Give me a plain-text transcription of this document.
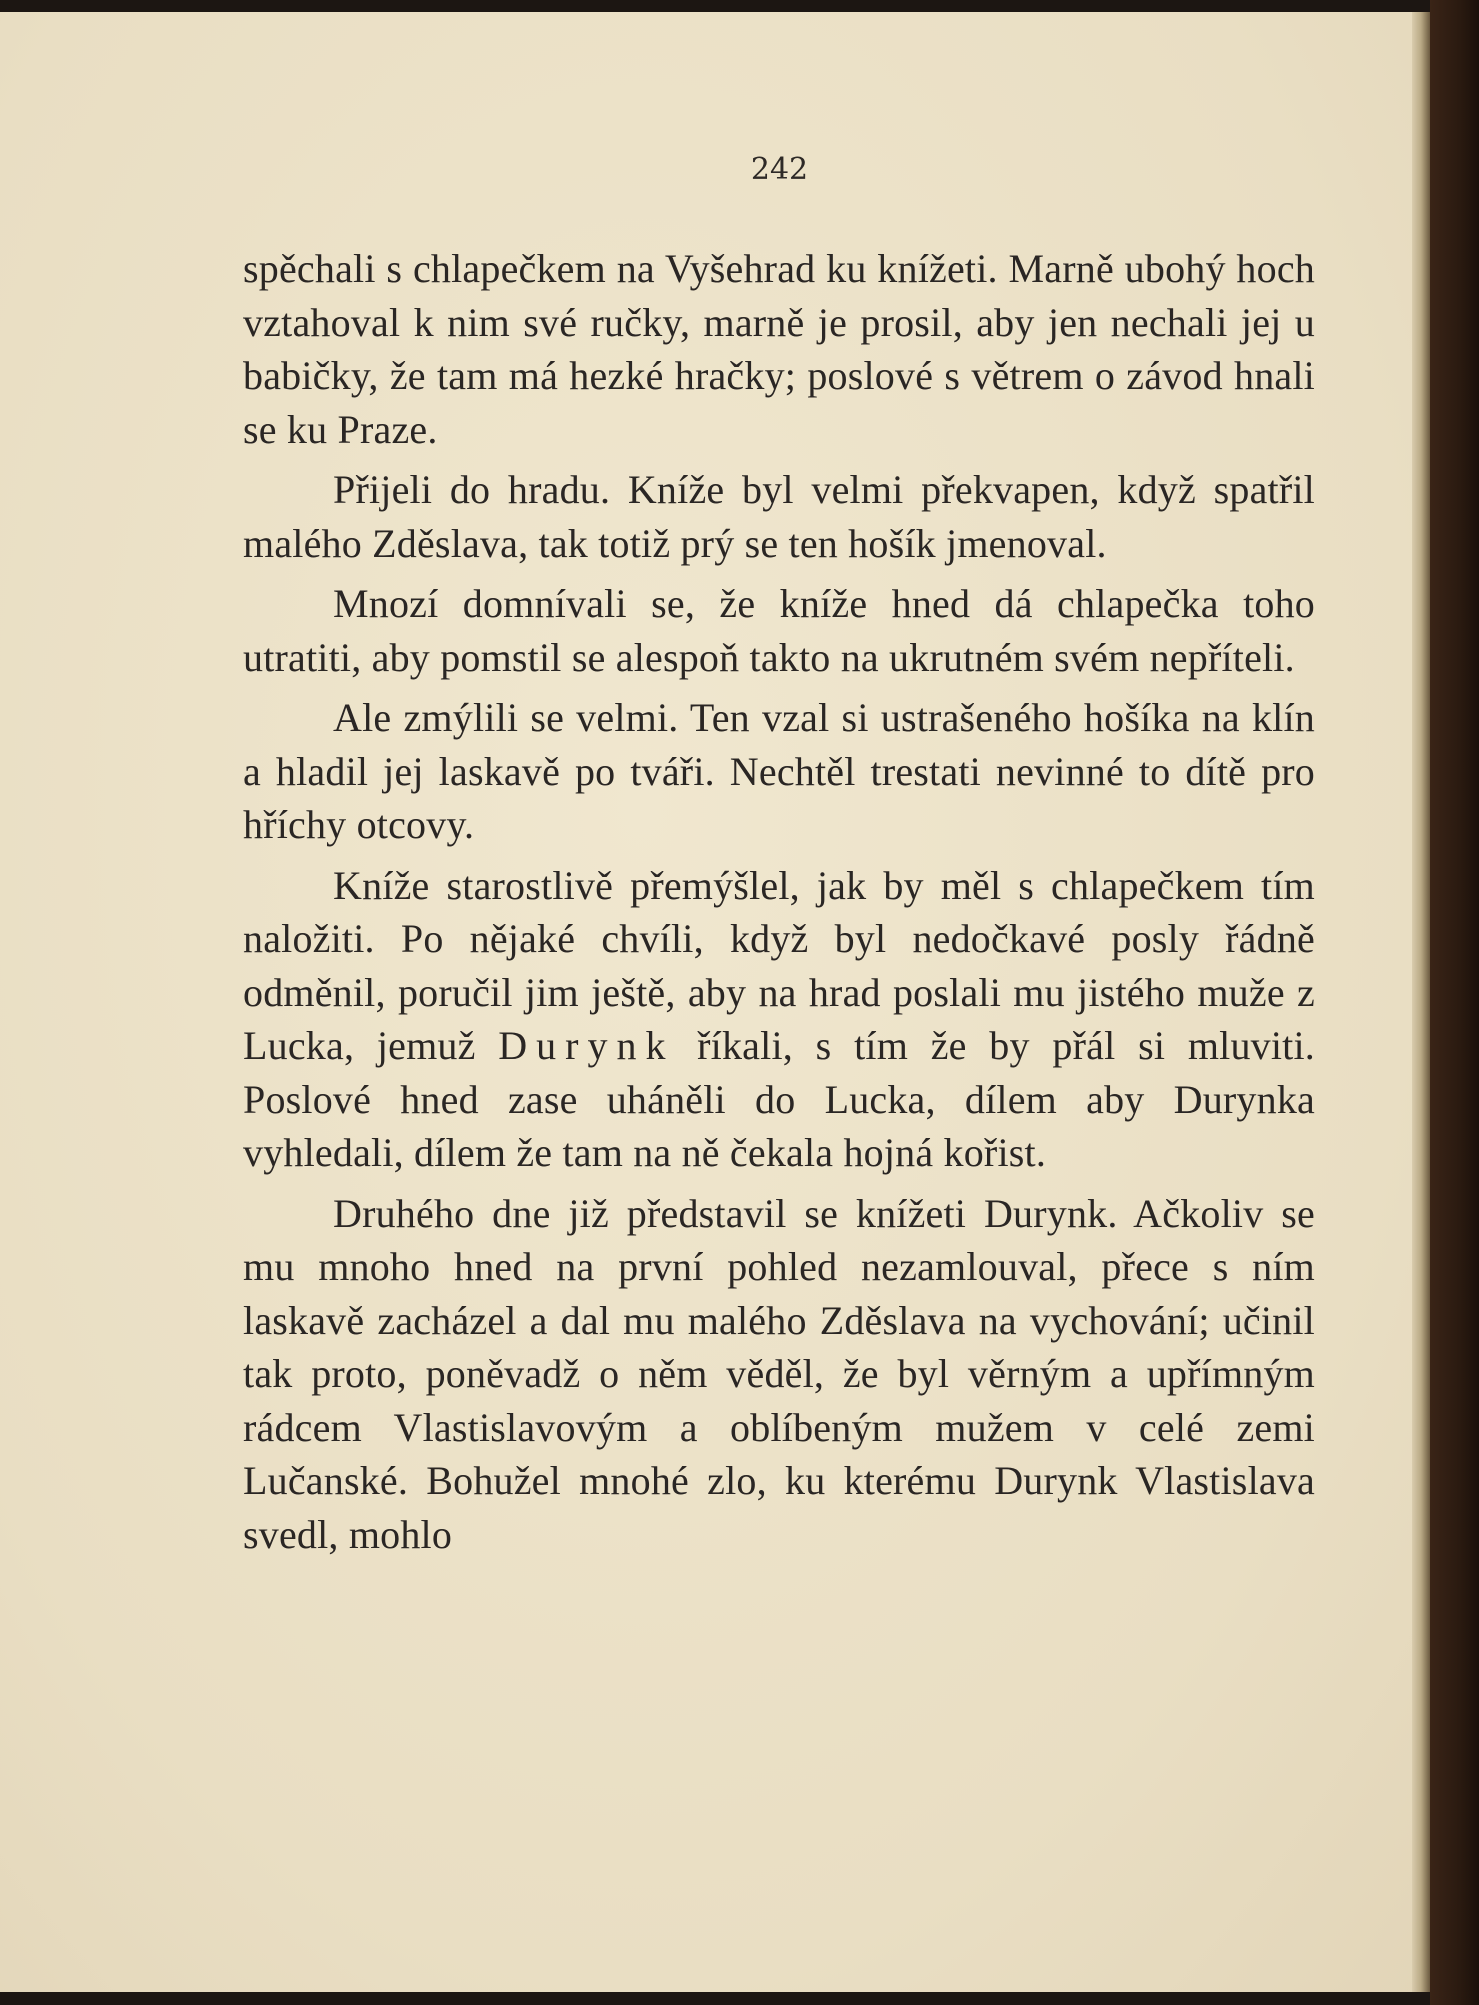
242

spěchali s chlapečkem na Vyšehrad ku knížeti. Marně ubohý hoch vztahoval k nim své ručky, marně je prosil, aby jen nechali jej u babičky, že tam má hezké hračky; poslové s větrem o závod hnali se ku Praze.

Přijeli do hradu. Kníže byl velmi překvapen, když spatřil malého Zděslava, tak totiž prý se ten hošík jmenoval.

Mnozí domnívali se, že kníže hned dá chlapečka toho utratiti, aby pomstil se alespoň takto na ukrutném svém nepříteli.

Ale zmýlili se velmi. Ten vzal si ustrašeného hošíka na klín a hladil jej laskavě po tváři. Nechtěl trestati nevinné to dítě pro hříchy otcovy.

Kníže starostlivě přemýšlel, jak by měl s chlapečkem tím naložiti. Po nějaké chvíli, když byl nedočkavé posly řádně odměnil, poručil jim ještě, aby na hrad poslali mu jistého muže z Lucka, jemuž Durynk říkali, s tím že by přál si mluviti. Poslové hned zase uháněli do Lucka, dílem aby Durynka vyhledali, dílem že tam na ně čekala hojná kořist.

Druhého dne již představil se knížeti Durynk. Ačkoliv se mu mnoho hned na první pohled nezamlouval, přece s ním laskavě zacházel a dal mu malého Zděslava na vychování; učinil tak proto, poněvadž o něm věděl, že byl věrným a upřímným rádcem Vlastislavovým a oblíbeným mužem v celé zemi Lučanské. Bohužel mnohé zlo, ku kterému Durynk Vlastislava svedl, mohlo
